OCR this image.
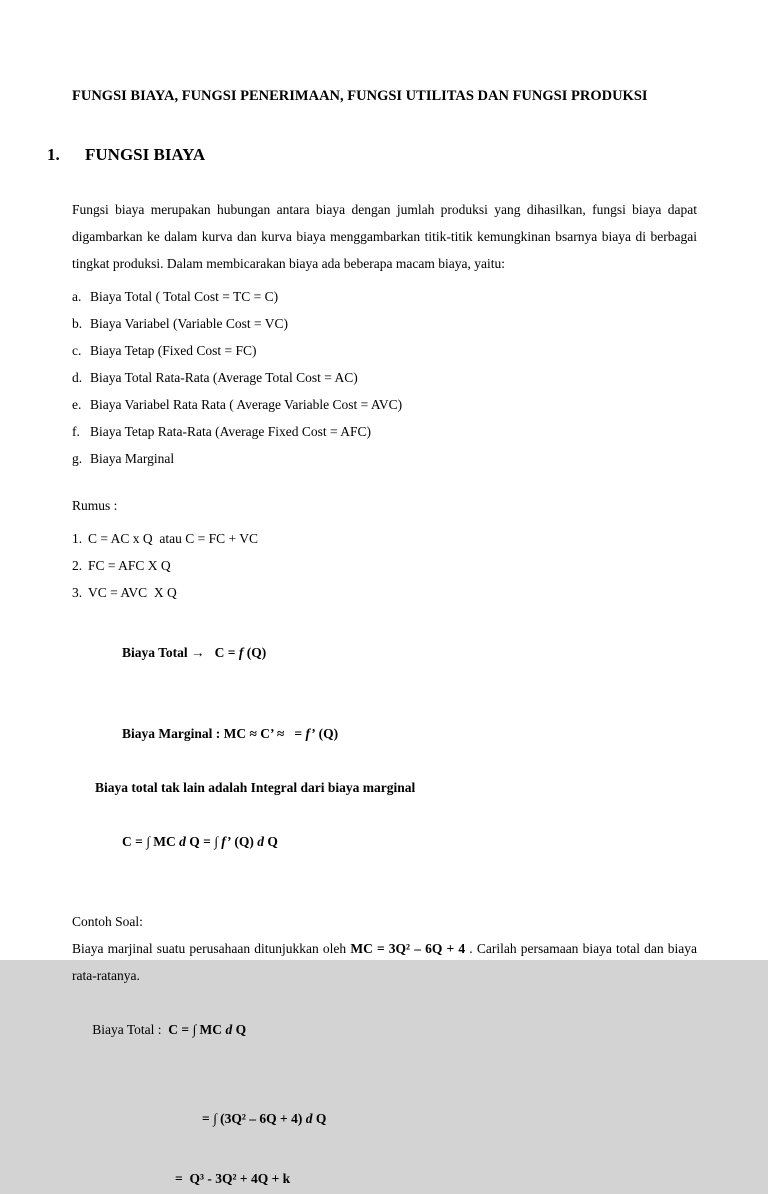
FUNGSI BIAYA, FUNGSI PENERIMAAN, FUNGSI UTILITAS DAN FUNGSI PRODUKSI
1. FUNGSI BIAYA

Fungsi biaya merupakan hubungan antara biaya dengan jumlah produksi yang dihasilkan, fungsi biaya dapat digambarkan ke dalam kurva dan kurva biaya menggambarkan titik-titik kemungkinan bsarnya biaya di berbagai tingkat produksi. Dalam membicarakan biaya ada beberapa macam biaya, yaitu:

a. Biaya Total ( Total Cost = TC = C)
b. Biaya Variabel (Variable Cost = VC)
c. Biaya Tetap (Fixed Cost = FC)
d. Biaya Total Rata-Rata (Average Total Cost = AC)
e. Biaya Variabel Rata Rata ( Average Variable Cost = AVC)
f. Biaya Tetap Rata-Rata (Average Fixed Cost = AFC)
g. Biaya Marginal

Rumus :

1. C = AC x Q  atau C = FC + VC
2. FC = AFC X Q
3. VC = AVC  X Q

Biaya Total →   C = f (Q)

Biaya Marginal : MC ≈ C’ ≈   = f’ (Q)

Biaya total tak lain adalah Integral dari biaya marginal

C = ∫ MC d Q = ∫ f’ (Q) d Q

Contoh Soal:

Biaya marjinal suatu perusahaan ditunjukkan oleh MC = 3Q² – 6Q + 4 . Carilah persamaan biaya total dan biaya rata-ratanya.

Biaya Total :  C = ∫ MC d Q

= ∫ (3Q² – 6Q + 4) d Q

=  Q³ - 3Q² + 4Q + k
